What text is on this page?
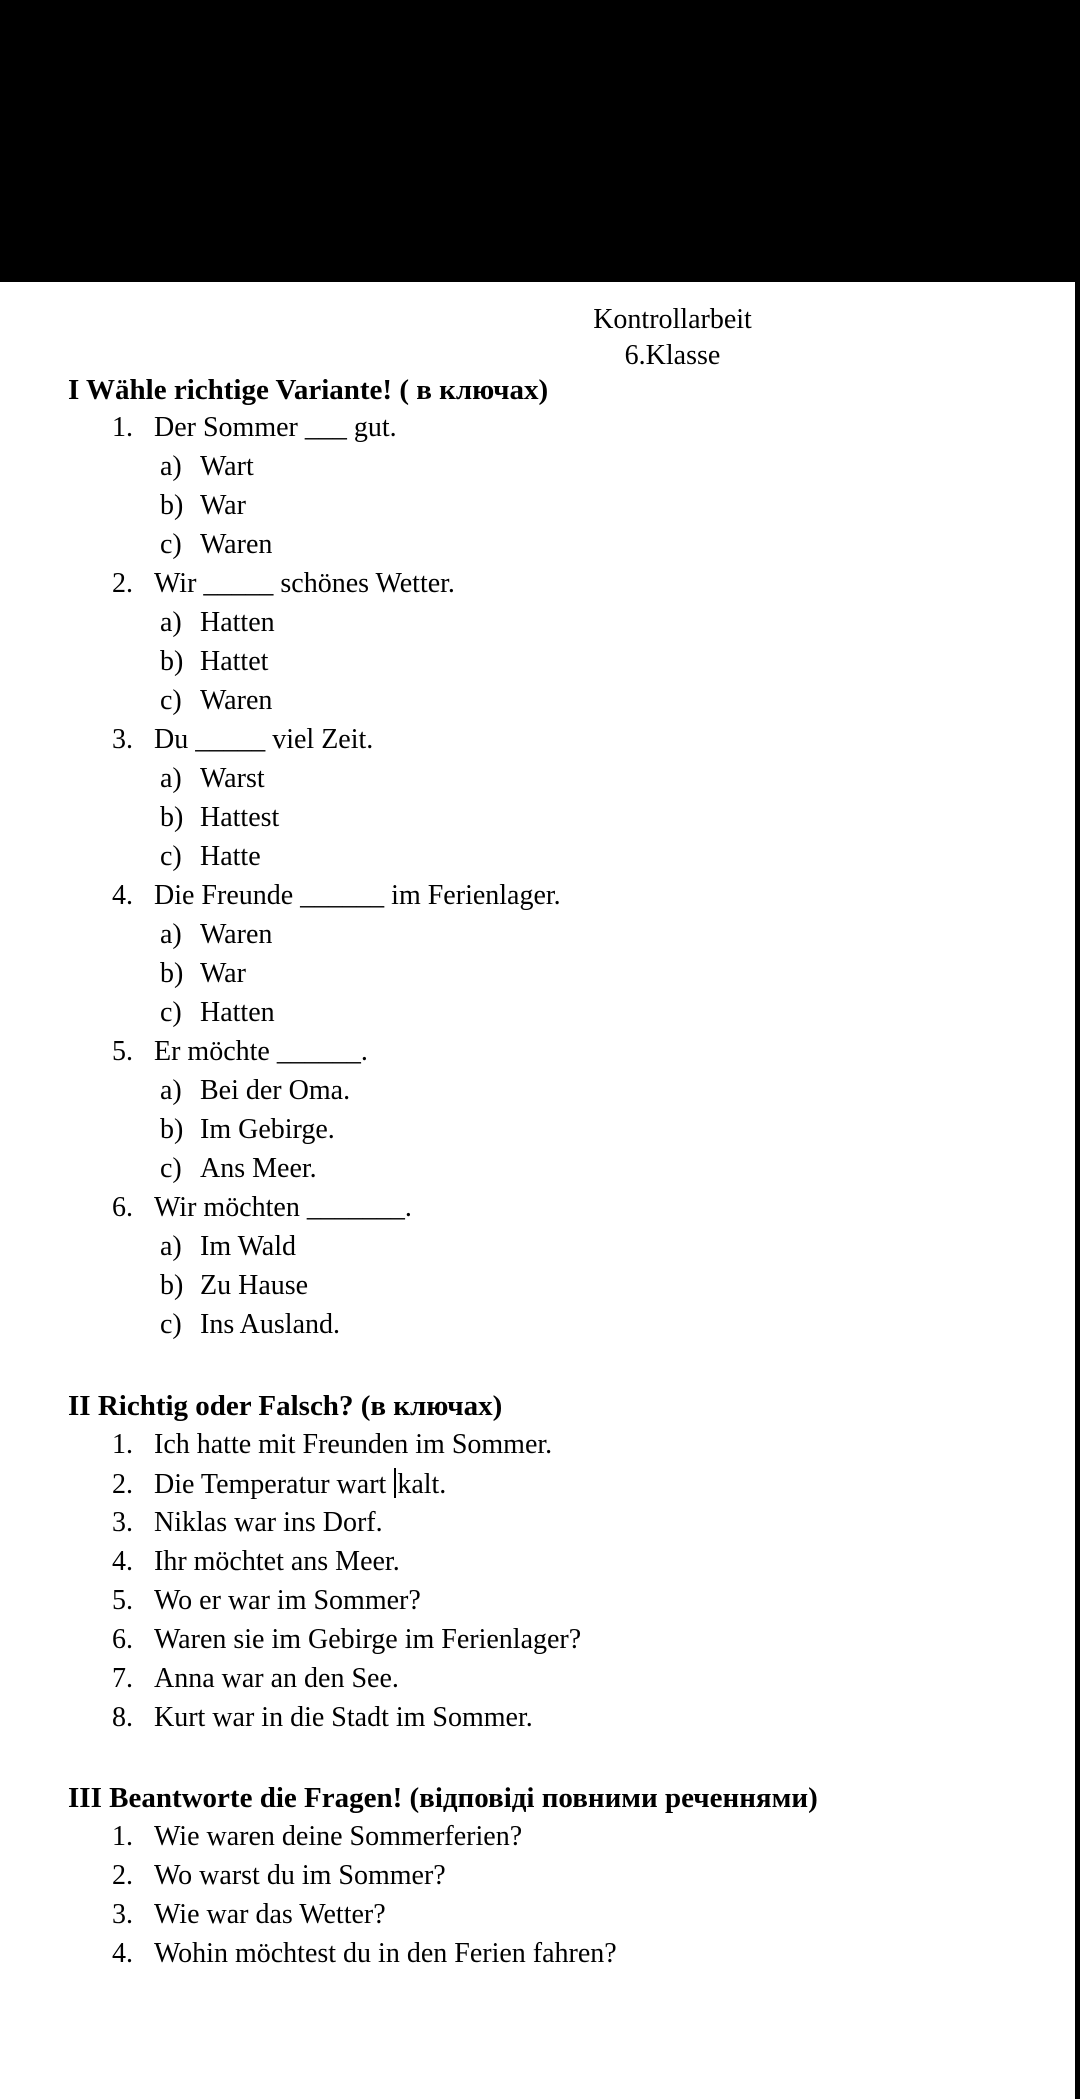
Kontrollarbeit
6.Klasse
I Wähle richtige Variante! ( в ключах)
1. Der Sommer ___ gut.
a) Wart
b) War
c) Waren
2. Wir _____ schönes Wetter.
a) Hatten
b) Hattet
c) Waren
3. Du _____ viel Zeit.
a) Warst
b) Hattest
c) Hatte
4. Die Freunde ______ im Ferienlager.
a) Waren
b) War
c) Hatten
5. Er möchte ______.
a) Bei der Oma.
b) Im Gebirge.
c) Ans Meer.
6. Wir möchten _______.
a) Im Wald
b) Zu Hause
c) Ins Ausland.
II Richtig oder Falsch? (в ключах)
1. Ich hatte mit Freunden im Sommer.
2. Die Temperatur wart kalt.
3. Niklas war ins Dorf.
4. Ihr möchtet ans Meer.
5. Wo er war im Sommer?
6. Waren sie im Gebirge im Ferienlager?
7. Anna war an den See.
8. Kurt war in die Stadt im Sommer.
III Beantworte die Fragen! (відповіді повними реченнями)
1. Wie waren deine Sommerferien?
2. Wo warst du im Sommer?
3. Wie war das Wetter?
4. Wohin möchtest du in den Ferien fahren?
